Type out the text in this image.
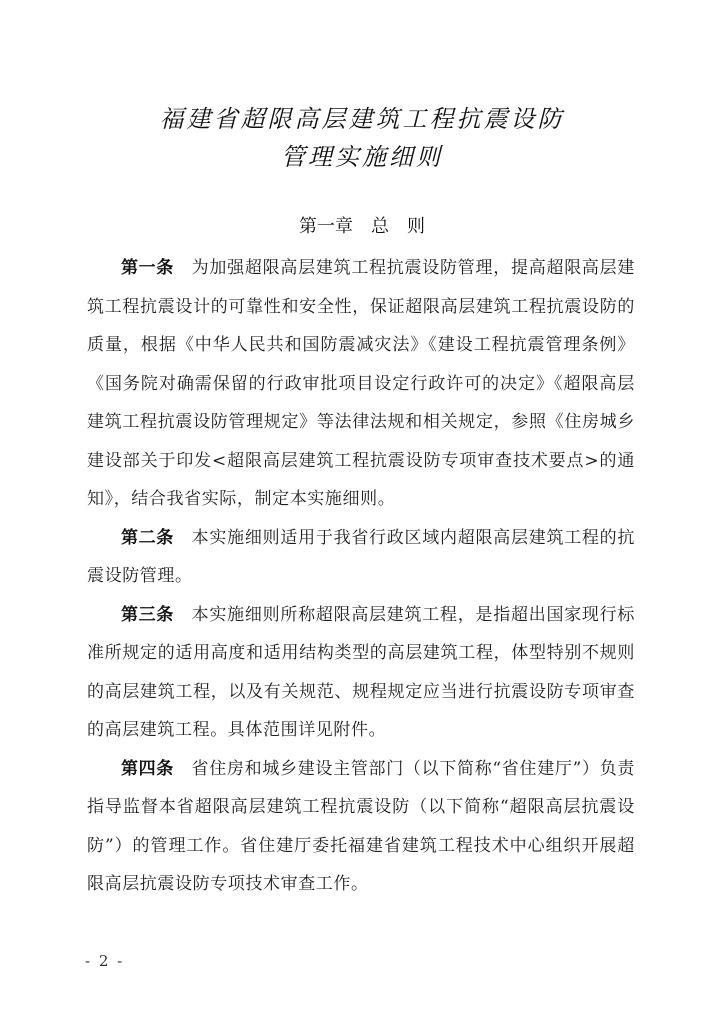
福建省超限高层建筑工程抗震设防
管理实施细则
第一章　总　则

第一条　 为加强超限高层建筑工程抗震设防管理，提高超限高层建筑工程抗震设计的可靠性和安全性，保证超限高层建筑工程抗震设防的质量，根据《中华人民共和国防震减灾法》《建设工程抗震管理条例》《国务院对确需保留的行政审批项目设定行政许可的决定》《超限高层建筑工程抗震设防管理规定》等法律法规和相关规定，参照《住房城乡建设部关于印发<超限高层建筑工程抗震设防专项审查技术要点>的通知》，结合我省实际，制定本实施细则。

第二条　 本实施细则适用于我省行政区域内超限高层建筑工程的抗震设防管理。

第三条　 本实施细则所称超限高层建筑工程，是指超出国家现行标准所规定的适用高度和适用结构类型的高层建筑工程，体型特别不规则的高层建筑工程，以及有关规范、规程规定应当进行抗震设防专项审查的高层建筑工程。具体范围详见附件。

第四条　 省住房和城乡建设主管部门（以下简称“省住建厅”）负责指导监督本省超限高层建筑工程抗震设防（以下简称“超限高层抗震设防”）的管理工作。省住建厅委托福建省建筑工程技术中心组织开展超限高层抗震设防专项技术审查工作。

- 2 -
